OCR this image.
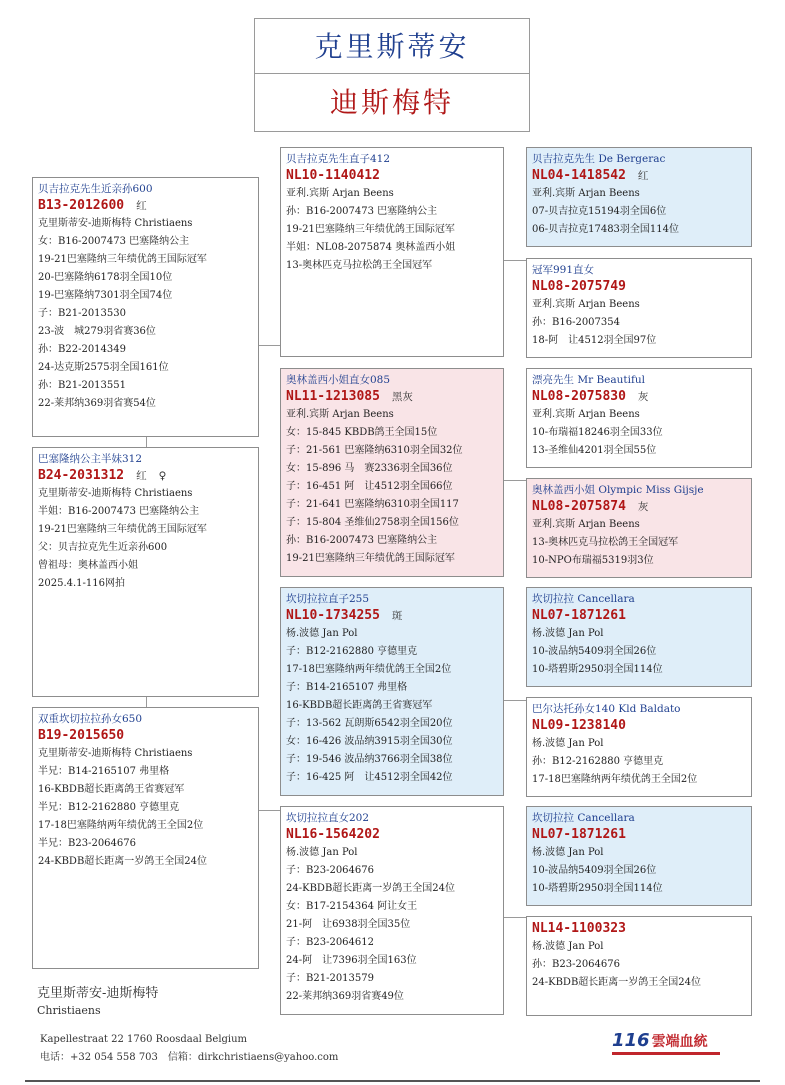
克里斯蒂安
迪斯梅特
贝吉拉克先生近亲孙600
B13-2012600 红
克里斯蒂安-迪斯梅特 Christiaens
女：B16-2007473 巴塞隆纳公主
19-21巴塞隆纳三年绩优鸽王国际冠军
20-巴塞隆纳6178羽全国10位
19-巴塞隆纳7301羽全国74位
子：B21-2013530
23-波　城279羽省赛36位
孙：B22-2014349
24-达克斯2575羽全国161位
孙：B21-2013551
22-莱邦纳369羽省赛54位
巴塞隆纳公主半妹312
B24-2031312 红 ♀
克里斯蒂安-迪斯梅特 Christiaens
半姐：B16-2007473 巴塞隆纳公主
19-21巴塞隆纳三年绩优鸽王国际冠军
父：贝吉拉克先生近亲孙600
曾祖母：奥林盖西小姐
2025.4.1-116网拍
双重坎切拉拉孙女650
B19-2015650
克里斯蒂安-迪斯梅特 Christiaens
半兄：B14-2165107 弗里格
16-KBDB超长距离鸽王省赛冠军
半兄：B12-2162880 亨德里克
17-18巴塞隆纳两年绩优鸽王全国2位
半兄：B23-2064676
24-KBDB超长距离一岁鸽王全国24位
贝吉拉克先生直子412
NL10-1140412
亚利.宾斯 Arjan Beens
孙：B16-2007473 巴塞隆纳公主
19-21巴塞隆纳三年绩优鸽王国际冠军
半姐：NL08-2075874 奥林盖西小姐
13-奥林匹克马拉松鸽王全国冠军
奥林盖西小姐直女085
NL11-1213085 黑灰
亚利.宾斯 Arjan Beens
女：15-845 KBDB鸽王全国15位
子：21-561 巴塞隆纳6310羽全国32位
女：15-896 马　赛2336羽全国36位
子：16-451 阿　让4512羽全国66位
子：21-641 巴塞隆纳6310羽全国117
子：15-804 圣维仙2758羽全国156位
孙：B16-2007473 巴塞隆纳公主
19-21巴塞隆纳三年绩优鸽王国际冠军
坎切拉拉直子255
NL10-1734255 斑
杨.波德 Jan Pol
子：B12-2162880 亨德里克
17-18巴塞隆纳两年绩优鸽王全国2位
子：B14-2165107 弗里格
16-KBDB超长距离鸽王省赛冠军
子：13-562 瓦朗斯6542羽全国20位
女：16-426 波品纳3915羽全国30位
子：19-546 波品纳3766羽全国38位
子：16-425 阿　让4512羽全国42位
坎切拉拉直女202
NL16-1564202
杨.波德 Jan Pol
子：B23-2064676
24-KBDB超长距离一岁鸽王全国24位
女：B17-2154364 阿让女王
21-阿　让6938羽全国35位
子：B23-2064612
24-阿　让7396羽全国163位
子：B21-2013579
22-莱邦纳369羽省赛49位
贝吉拉克先生 De Bergerac
NL04-1418542 红
亚利.宾斯 Arjan Beens
07-贝吉拉克15194羽全国6位
06-贝吉拉克17483羽全国114位
冠军991直女
NL08-2075749
亚利.宾斯 Arjan Beens
孙：B16-2007354
18-阿　让4512羽全国97位
漂亮先生 Mr Beautiful
NL08-2075830 灰
亚利.宾斯 Arjan Beens
10-布瑞福18246羽全国33位
13-圣维仙4201羽全国55位
奥林盖西小姐 Olympic Miss Gijsje
NL08-2075874 灰
亚利.宾斯 Arjan Beens
13-奥林匹克马拉松鸽王全国冠军
10-NPO布瑞福5319羽3位
坎切拉拉 Cancellara
NL07-1871261
杨.波德 Jan Pol
10-波品纳5409羽全国26位
10-塔碧斯2950羽全国114位
巴尔达托孙女140 Kld Baldato
NL09-1238140
杨.波德 Jan Pol
孙：B12-2162880 亨德里克
17-18巴塞隆纳两年绩优鸽王全国2位
坎切拉拉 Cancellara
NL07-1871261
杨.波德 Jan Pol
10-波品纳5409羽全国26位
10-塔碧斯2950羽全国114位
NL14-1100323
杨.波德 Jan Pol
孙：B23-2064676
24-KBDB超长距离一岁鸽王全国24位
克里斯蒂安-迪斯梅特
Christiaens
Kapellestraat 22 1760 Roosdaal Belgium
电话：+32 054 558 703　信箱：dirkchristiaens@yahoo.com
116 雲端血統
